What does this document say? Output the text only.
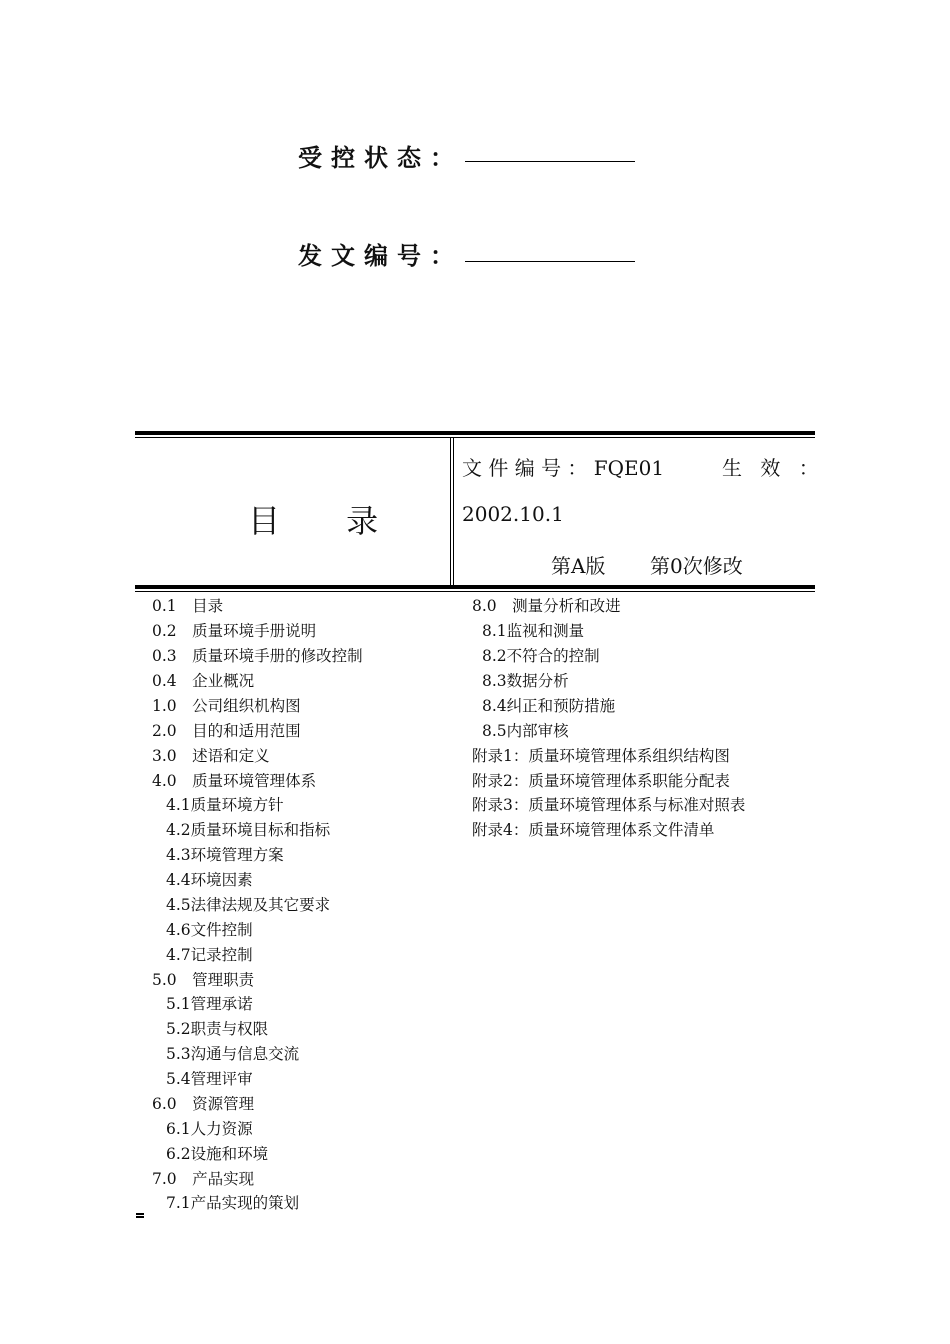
受控状态：
发文编号：
目 录
文 件 编 号 ： FQE01	生 效 ：
2002.10.1
第A版 第0次修改
0.1　目录
0.2　质量环境手册说明
0.3　质量环境手册的修改控制
0.4　企业概况
1.0　公司组织机构图
2.0　目的和适用范围
3.0　述语和定义
4.0　质量环境管理体系
4.1质量环境方针
4.2质量环境目标和指标
4.3环境管理方案
4.4环境因素
4.5法律法规及其它要求
4.6文件控制
4.7记录控制
5.0　管理职责
5.1管理承诺
5.2职责与权限
5.3沟通与信息交流
5.4管理评审
6.0　资源管理
6.1人力资源
6.2设施和环境
7.0　产品实现
7.1产品实现的策划
8.0　测量分析和改进
8.1监视和测量
8.2不符合的控制
8.3数据分析
8.4纠正和预防措施
8.5内部审核
附录1：质量环境管理体系组织结构图
附录2：质量环境管理体系职能分配表
附录3：质量环境管理体系与标准对照表
附录4：质量环境管理体系文件清单
